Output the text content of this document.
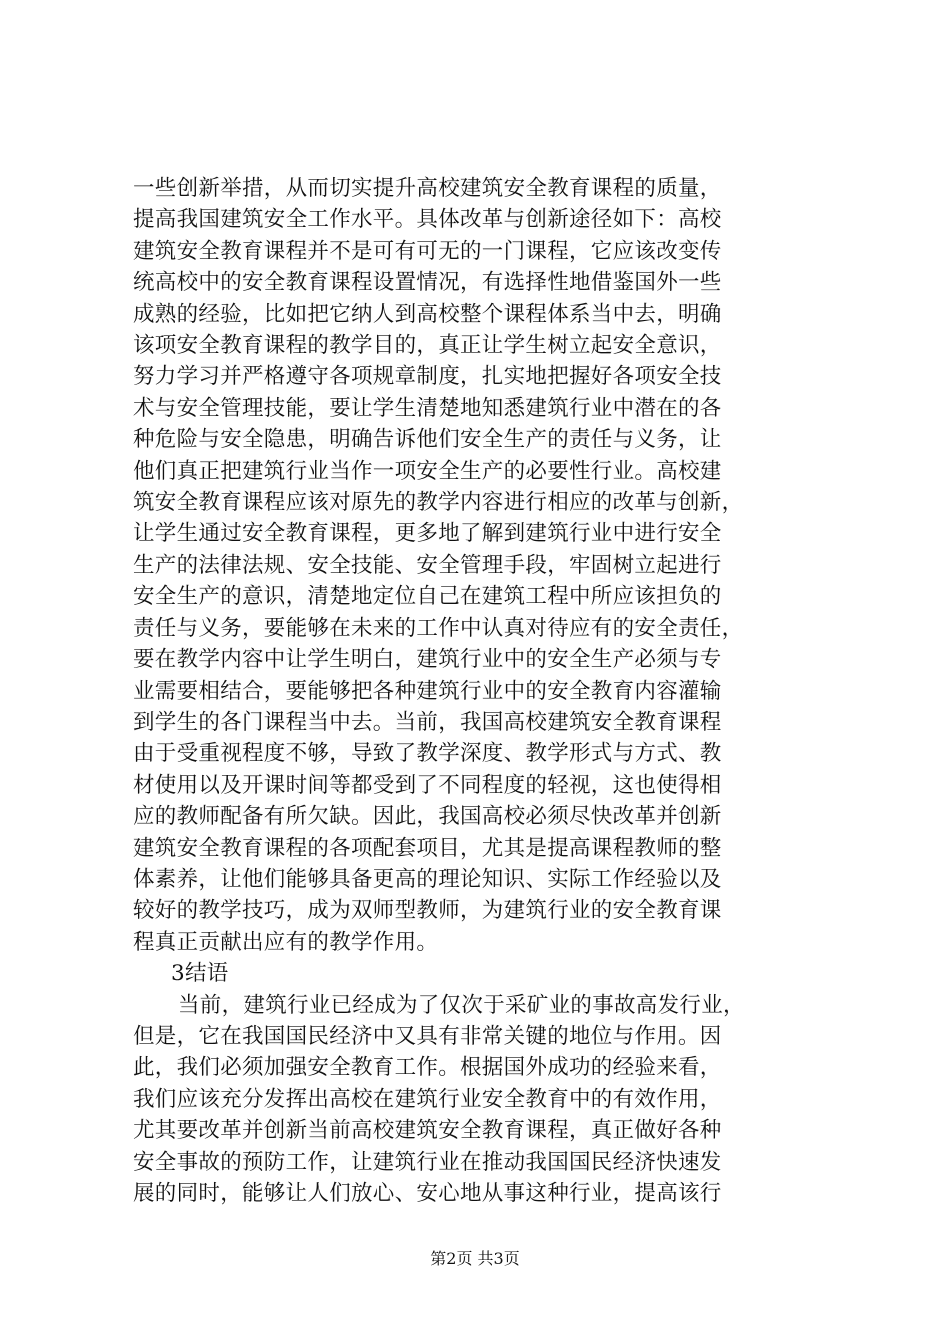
一些创新举措，从而切实提升高校建筑安全教育课程的质量，
提高我国建筑安全工作水平。具体改革与创新途径如下：高校
建筑安全教育课程并不是可有可无的一门课程，它应该改变传
统高校中的安全教育课程设置情况，有选择性地借鉴国外一些
成熟的经验，比如把它纳人到高校整个课程体系当中去，明确
该项安全教育课程的教学目的，真正让学生树立起安全意识，
努力学习并严格遵守各项规章制度，扎实地把握好各项安全技
术与安全管理技能，要让学生清楚地知悉建筑行业中潜在的各
种危险与安全隐患，明确告诉他们安全生产的责任与义务，让
他们真正把建筑行业当作一项安全生产的必要性行业。高校建
筑安全教育课程应该对原先的教学内容进行相应的改革与创新，
让学生通过安全教育课程，更多地了解到建筑行业中进行安全
生产的法律法规、安全技能、安全管理手段，牢固树立起进行
安全生产的意识，清楚地定位自己在建筑工程中所应该担负的
责任与义务，要能够在未来的工作中认真对待应有的安全责任，
要在教学内容中让学生明白，建筑行业中的安全生产必须与专
业需要相结合，要能够把各种建筑行业中的安全教育内容灌输
到学生的各门课程当中去。当前，我国高校建筑安全教育课程
由于受重视程度不够，导致了教学深度、教学形式与方式、教
材使用以及开课时间等都受到了不同程度的轻视，这也使得相
应的教师配备有所欠缺。因此，我国高校必须尽快改革并创新
建筑安全教育课程的各项配套项目，尤其是提高课程教师的整
体素养，让他们能够具备更高的理论知识、实际工作经验以及
较好的教学技巧，成为双师型教师，为建筑行业的安全教育课
程真正贡献出应有的教学作用。
3结语
当前，建筑行业已经成为了仅次于采矿业的事故高发行业，
但是，它在我国国民经济中又具有非常关键的地位与作用。因
此，我们必须加强安全教育工作。根据国外成功的经验来看，
我们应该充分发挥出高校在建筑行业安全教育中的有效作用，
尤其要改革并创新当前高校建筑安全教育课程，真正做好各种
安全事故的预防工作，让建筑行业在推动我国国民经济快速发
展的同时，能够让人们放心、安心地从事这种行业，提高该行
第2页 共3页
